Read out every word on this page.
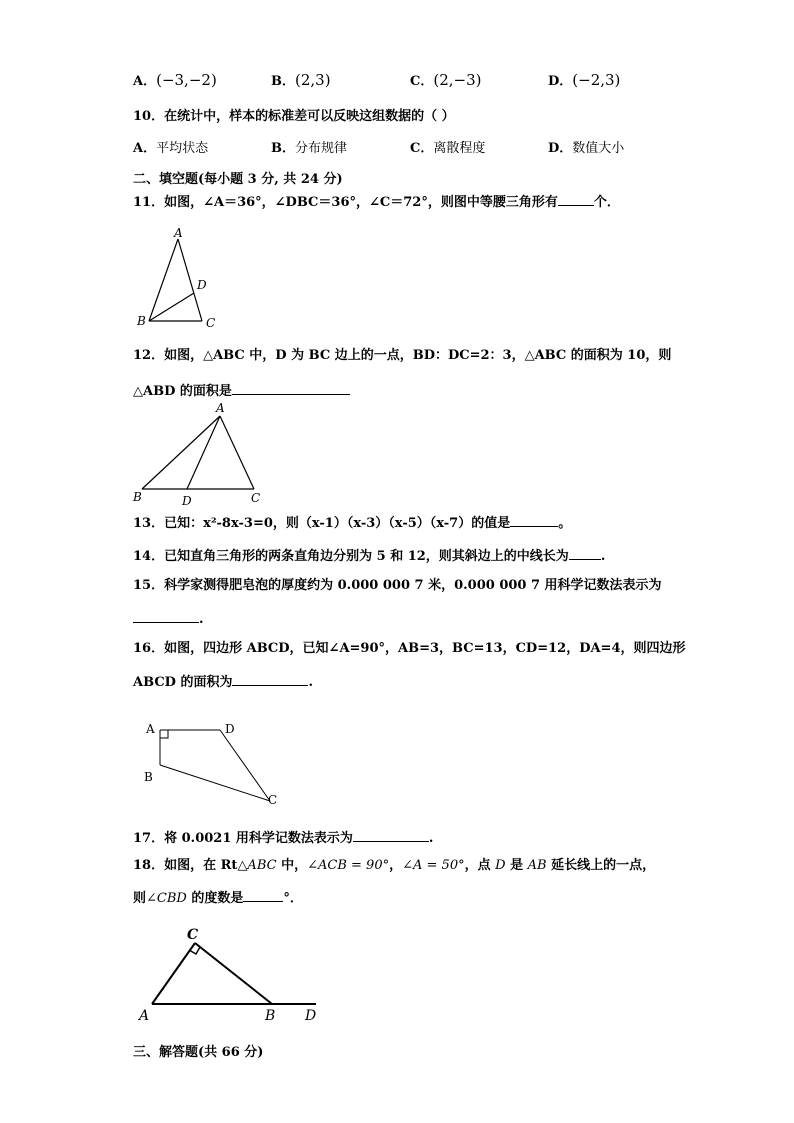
A．(−3,−2)	B．(2,3)	C．(2,−3)	D．(−2,3)
10．在统计中，样本的标准差可以反映这组数据的（ ）
A．平均状态	B．分布规律	C．离散程度	D．数值大小
二、填空题(每小题 3 分, 共 24 分)
11．如图，∠A＝36°，∠DBC＝36°，∠C＝72°，则图中等腰三角形有	个．
A
D
B	C
12．如图，△ABC 中，D 为 BC 边上的一点，BD：DC=2：3，△ABC 的面积为 10，则
△ABD 的面积是
A
B	D	C
13．已知：x²-8x-3=0，则（x-1）（x-3）（x-5）（x-7）的值是	。
14．已知直角三角形的两条直角边分别为 5 和 12，则其斜边上的中线长为 .
15．科学家测得肥皂泡的厚度约为 0.000 000 7 米，0.000 000 7 用科学记数法表示为
.
16．如图，四边形 ABCD，已知∠A=90°，AB=3，BC=13，CD=12，DA=4，则四边形
ABCD 的面积为	.
A	D
B
C
17．将 0.0021 用科学记数法表示为	.
18．如图，在 Rt△ABC 中，∠ACB = 90°，∠A = 50°，点 D 是 AB 延长线上的一点，
则∠CBD 的度数是	°．
C
A	B D
三、解答题(共 66 分)
